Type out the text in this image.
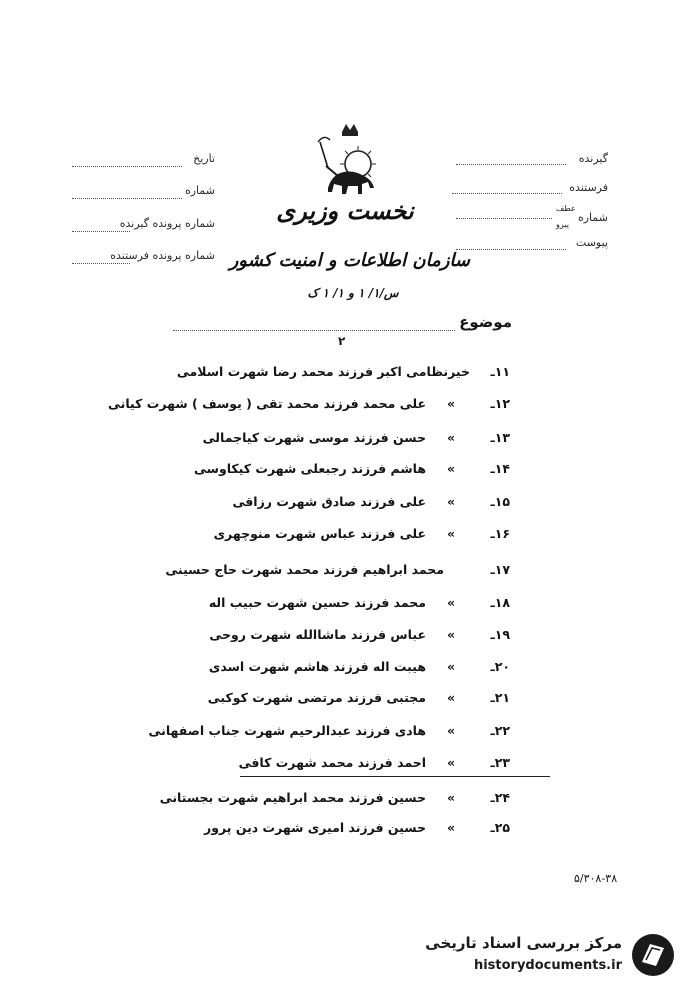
گیرنده
فرستنده
شماره
عطف
پیرو
پیوست
تاریخ
شماره
شماره پرونده گیرنده
شماره پرونده فرستنده
نخست وزیری
سازمان اطلاعات و امنیت کشور
س/۱/ ۱ و ۱/ ۱ ک
موضوع
۲
۱۱ـ
خیرنظامی اکبر فرزند محمد رضا شهرت اسلامی
۱۲ـ
»
علی محمد فرزند محمد تقی ( یوسف ) شهرت کیانی
۱۳ـ
»
حسن فرزند موسی شهرت کیاجمالی
۱۴ـ
»
هاشم فرزند رجبعلی شهرت کیکاوسی
۱۵ـ
»
علی فرزند صادق شهرت رزاقی
۱۶ـ
»
علی فرزند عباس شهرت منوچهری
۱۷ـ
محمد ابراهیم فرزند محمد شهرت حاج حسینی
۱۸ـ
»
محمد فرزند حسین شهرت حبیب اله
۱۹ـ
»
عباس فرزند ماشاالله شهرت روحی
۲۰ـ
»
هیبت اله فرزند هاشم شهرت اسدی
۲۱ـ
»
مجتبی فرزند مرتضی شهرت کوکبی
۲۲ـ
»
هادی فرزند عبدالرحیم شهرت جناب اصفهانی
۲۳ـ
»
احمد فرزند محمد شهرت کافی
۲۴ـ
»
حسین فرزند محمد ابراهیم شهرت بجستانی
۲۵ـ
»
حسین فرزند امیری شهرت دین پرور
۵/۳۰۸-۳۸
مرکز بررسی اسناد تاریخی
historydocuments.ir
